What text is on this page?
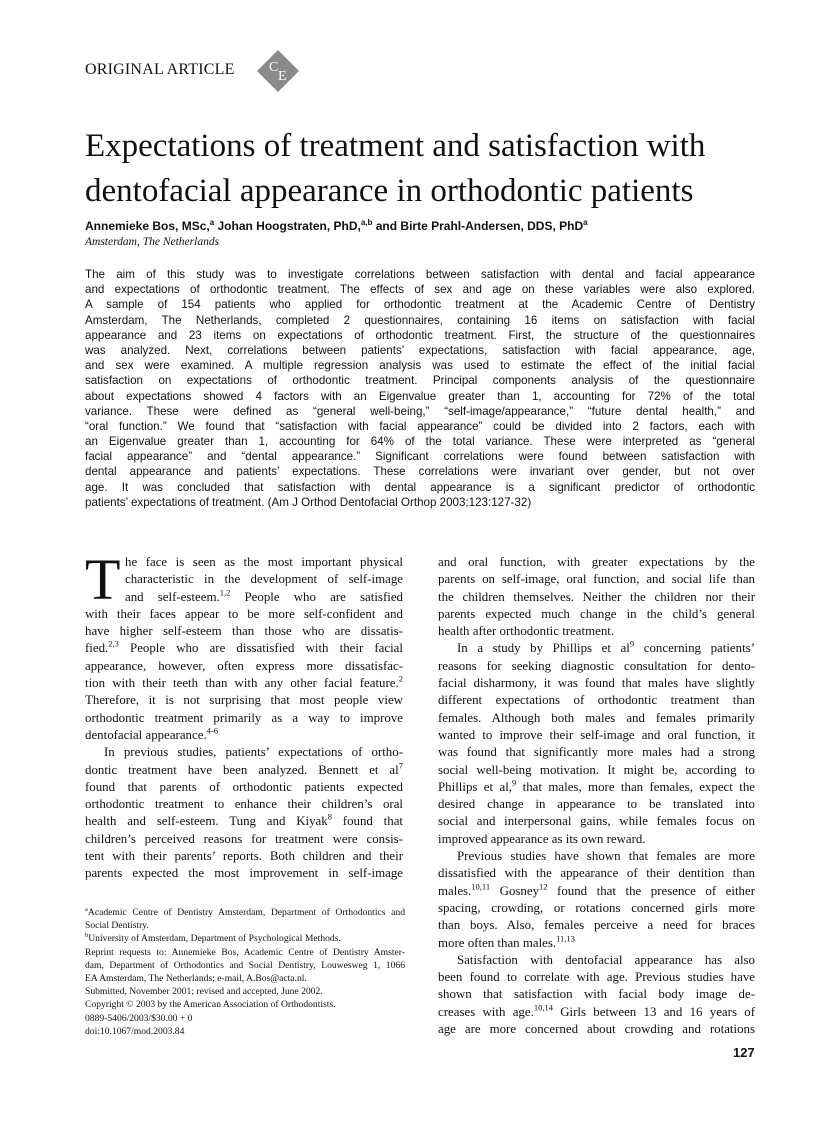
ORIGINAL ARTICLE C
E
Expectations of treatment and satisfaction with
dentofacial appearance in orthodontic patients
Annemieke Bos, MSc,$^a$ Johan Hoogstraten, PhD,$^{a,b}$ and Birte Prahl-Andersen, DDS, PhD$^a$
Amsterdam, The Netherlands
The aim of this study was to investigate correlations between satisfaction with dental and facial appearance
and expectations of orthodontic treatment. The effects of sex and age on these variables were also explored.
A sample of 154 patients who applied for orthodontic treatment at the Academic Centre of Dentistry
Amsterdam, The Netherlands, completed 2 questionnaires, containing 16 items on satisfaction with facial
appearance and 23 items on expectations of orthodontic treatment. First, the structure of the questionnaires
was analyzed. Next, correlations between patients’ expectations, satisfaction with facial appearance, age,
and sex were examined. A multiple regression analysis was used to estimate the effect of the initial facial
satisfaction on expectations of orthodontic treatment. Principal components analysis of the questionnaire
about expectations showed 4 factors with an Eigenvalue greater than 1, accounting for 72% of the total
variance. These were defined as “general well-being,” “self-image/appearance,” “future dental health,” and
“oral function.” We found that “satisfaction with facial appearance” could be divided into 2 factors, each with
an Eigenvalue greater than 1, accounting for 64% of the total variance. These were interpreted as “general
facial appearance” and “dental appearance.” Significant correlations were found between satisfaction with
dental appearance and patients’ expectations. These correlations were invariant over gender, but not over
age. It was concluded that satisfaction with dental appearance is a significant predictor of orthodontic
patients’ expectations of treatment. (Am J Orthod Dentofacial Orthop 2003;123:127-32)
T he face is seen as the most important physical
characteristic in the development of self-image
and self-esteem.$^{1,2}$ People who are satisfied
with their faces appear to be more self-confident and
have higher self-esteem than those who are dissatis-
fied.$^{2,3}$ People who are dissatisfied with their facial
appearance, however, often express more dissatisfac-
tion with their teeth than with any other facial feature.$^2$
Therefore, it is not surprising that most people view
orthodontic treatment primarily as a way to improve
dentofacial appearance.$^{4-6}$
In previous studies, patients’ expectations of ortho-
dontic treatment have been analyzed. Bennett et $al^7$
found that parents of orthodontic patients expected
orthodontic treatment to enhance their children’s oral
health and self-esteem. Tung and Kiyak$^8$ found that
children’s perceived reasons for treatment were consis-
tent with their parents’ reports. Both children and their
parents expected the most improvement in self-image
and oral function, with greater expectations by the
parents on self-image, oral function, and social life than
the children themselves. Neither the children nor their
parents expected much change in the child’s general
health after orthodontic treatment.
In a study by Phillips et $al^9$ concerning patients’
reasons for seeking diagnostic consultation for dento-
facial disharmony, it was found that males have slightly
different expectations of orthodontic treatment than
females. Although both males and females primarily
wanted to improve their self-image and oral function, it
was found that significantly more males had a strong
social well-being motivation. It might be, according to
Phillips et al,$^9$ that males, more than females, expect the
desired change in appearance to be translated into
social and interpersonal gains, while females focus on
improved appearance as its own reward.
Previous studies have shown that females are more
dissatisfied with the appearance of their dentition than
males.$^{10,11}$ Gosney$^{12}$ found that the presence of either
spacing, crowding, or rotations concerned girls more
than boys. Also, females perceive a need for braces
more often than males.$^{11,13}$
Satisfaction with dentofacial appearance has also
been found to correlate with age. Previous studies have
shown that satisfaction with facial body image de-
creases with age.$^{10,14}$ Girls between 13 and 16 years of
age are more concerned about crowding and rotations
$^a$Academic Centre of Dentistry Amsterdam, Department of Orthodontics and
Social Dentistry.
$^b$University of Amsterdam, Department of Psychological Methods.
Reprint requests to: Annemieke Bos, Academic Centre of Dentistry Amster-
dam, Department of Orthodontics and Social Dentistry, Louwesweg 1, 1066
EA Amsterdam, The Netherlands; e-mail, A.Bos@acta.nl.
Submitted, November 2001; revised and accepted, June 2002.
Copyright © 2003 by the American Association of Orthodontists.
0889-5406/2003/$30.00 + 0
doi:10.1067/mod.2003.84
127
